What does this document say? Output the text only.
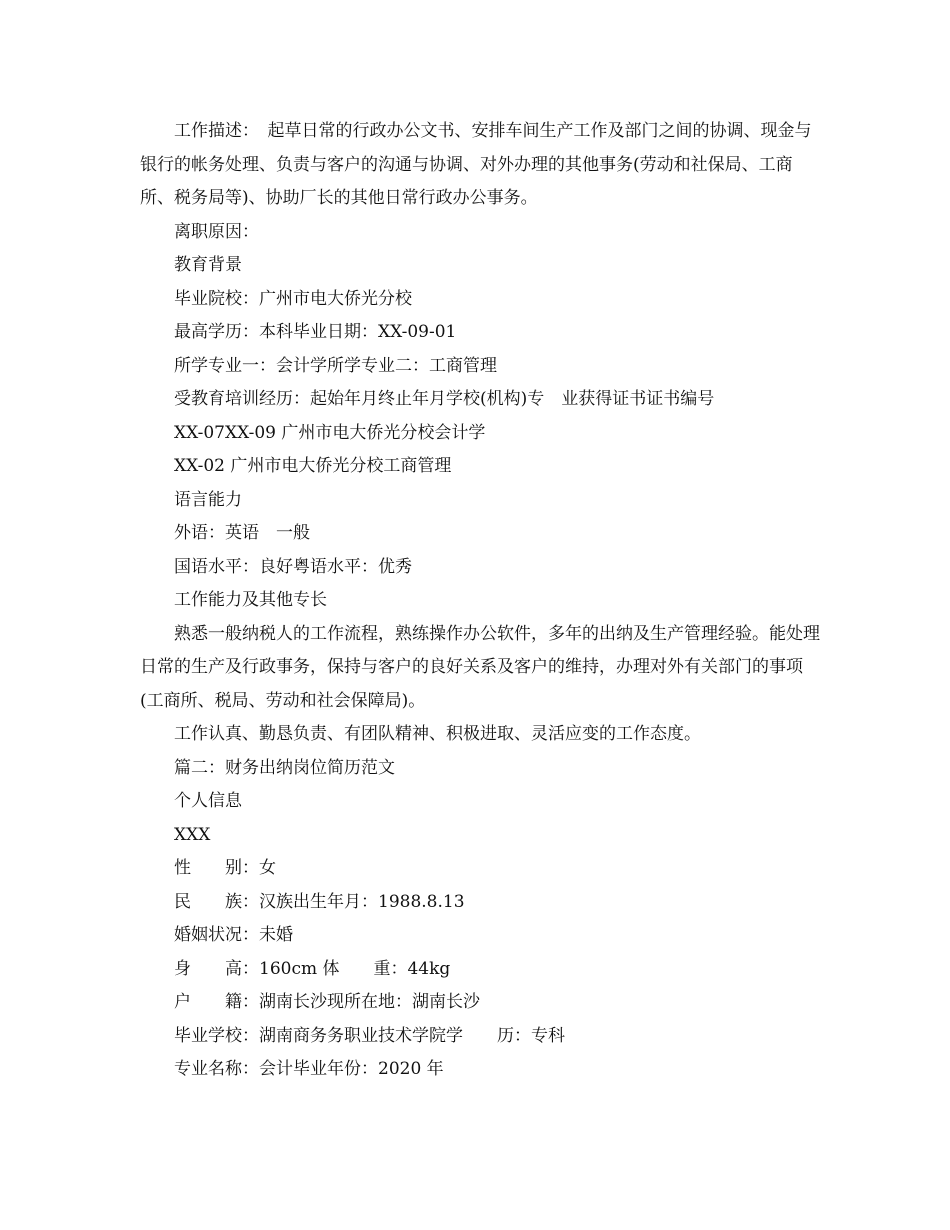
工作描述：　起草日常的行政办公文书、安排车间生产工作及部门之间的协调、现金与银行的帐务处理、负责与客户的沟通与协调、对外办理的其他事务(劳动和社保局、工商所、税务局等)、协助厂长的其他日常行政办公事务。

离职原因：

教育背景

毕业院校：广州市电大侨光分校

最高学历：本科毕业日期：XX-09-01

所学专业一：会计学所学专业二：工商管理

受教育培训经历：起始年月终止年月学校(机构)专　业获得证书证书编号

XX-07XX-09 广州市电大侨光分校会计学

XX-02 广州市电大侨光分校工商管理

语言能力

外语：英语　一般

国语水平：良好粤语水平：优秀

工作能力及其他专长

熟悉一般纳税人的工作流程，熟练操作办公软件，多年的出纳及生产管理经验。能处理日常的生产及行政事务，保持与客户的良好关系及客户的维持，办理对外有关部门的事项(工商所、税局、劳动和社会保障局)。

工作认真、勤恳负责、有团队精神、积极进取、灵活应变的工作态度。

篇二：财务出纳岗位简历范文

个人信息

XXX

性　　别：女

民　　族：汉族出生年月：1988.8.13

婚姻状况：未婚

身　　高：160cm 体　　重：44kg

户　　籍：湖南长沙现所在地：湖南长沙

毕业学校：湖南商务务职业技术学院学　　历：专科

专业名称：会计毕业年份：2020 年
